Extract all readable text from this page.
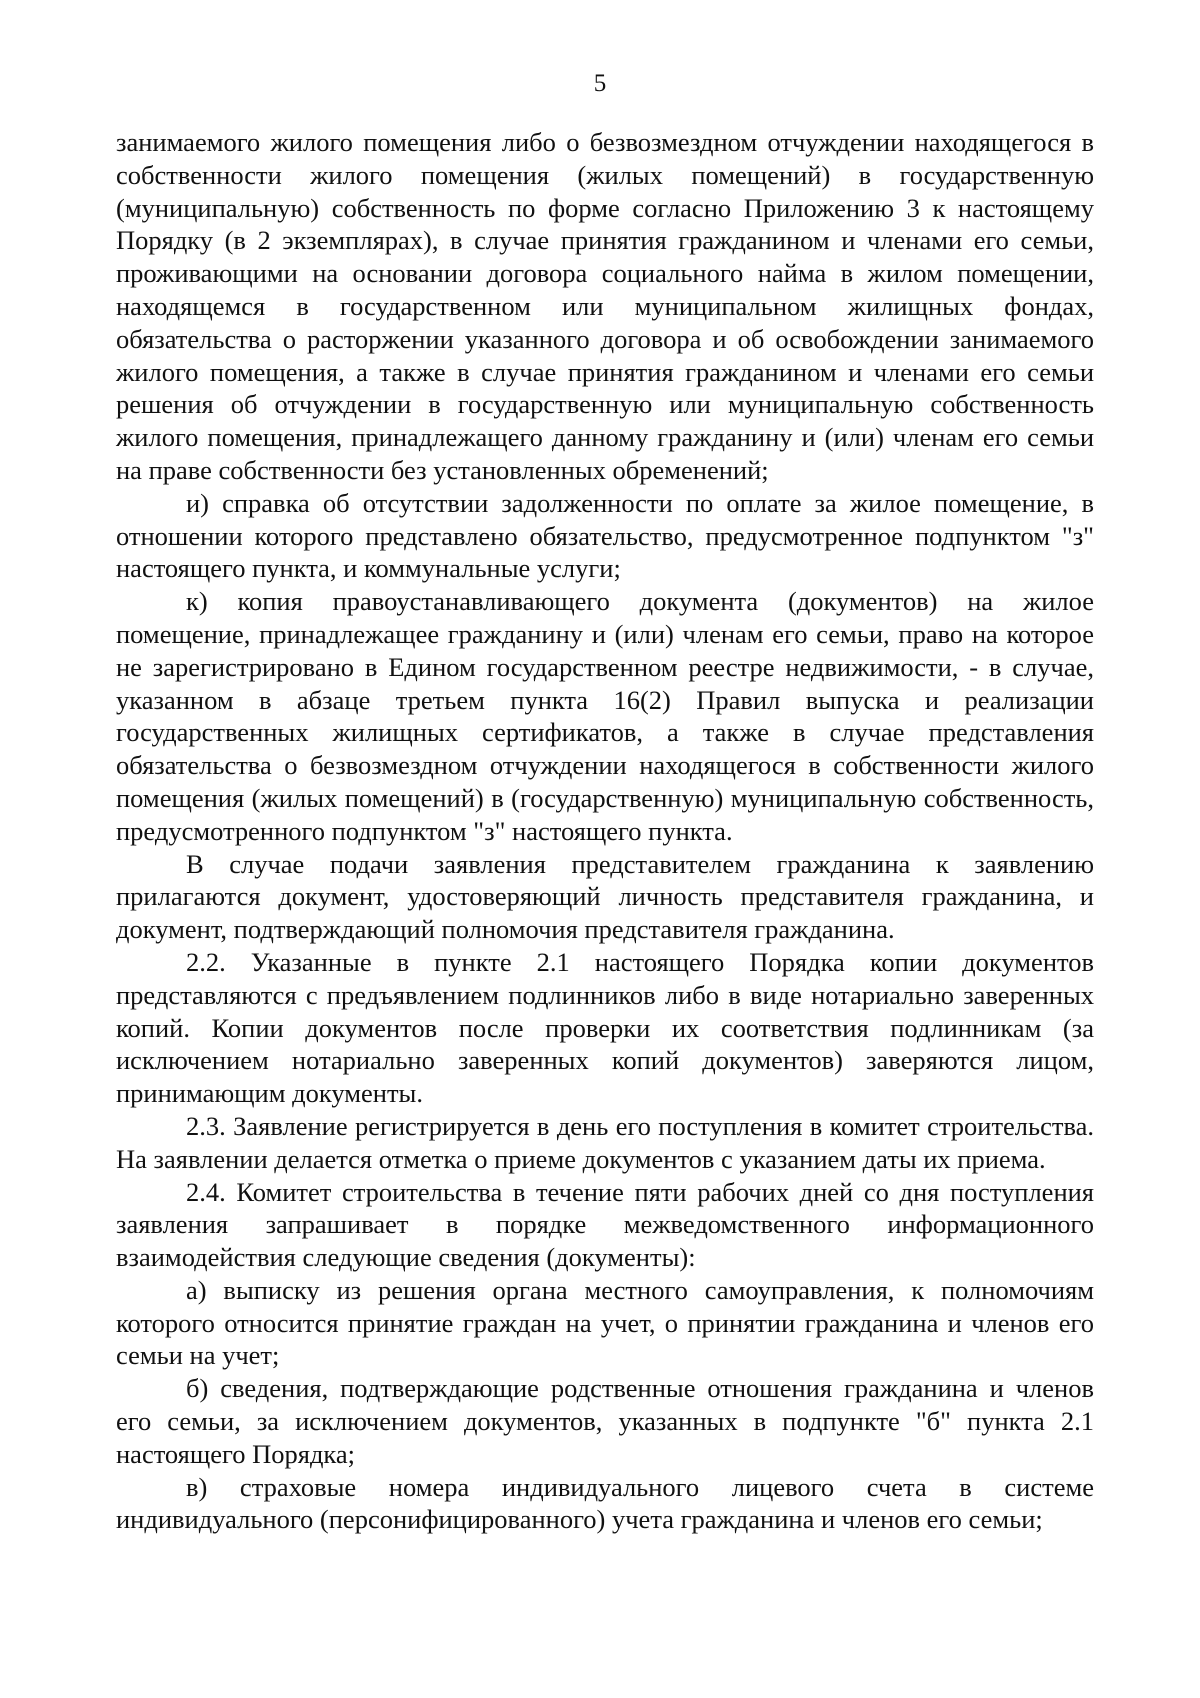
5

занимаемого жилого помещения либо о безвозмездном отчуждении находящегося в собственности жилого помещения (жилых помещений) в государственную (муниципальную) собственность по форме согласно Приложению 3 к настоящему Порядку (в 2 экземплярах), в случае принятия гражданином и членами его семьи, проживающими на основании договора социального найма в жилом помещении, находящемся в государственном или муниципальном жилищных фондах, обязательства о расторжении указанного договора и об освобождении занимаемого жилого помещения, а также в случае принятия гражданином и членами его семьи решения об отчуждении в государственную или муниципальную собственность жилого помещения, принадлежащего данному гражданину и (или) членам его семьи на праве собственности без установленных обременений;

и) справка об отсутствии задолженности по оплате за жилое помещение, в отношении которого представлено обязательство, предусмотренное подпунктом "з" настоящего пункта, и коммунальные услуги;

к) копия правоустанавливающего документа (документов) на жилое помещение, принадлежащее гражданину и (или) членам его семьи, право на которое не зарегистрировано в Едином государственном реестре недвижимости, - в случае, указанном в абзаце третьем пункта 16(2) Правил выпуска и реализации государственных жилищных сертификатов, а также в случае представления обязательства о безвозмездном отчуждении находящегося в собственности жилого помещения (жилых помещений) в (государственную) муниципальную собственность, предусмотренного подпунктом "з" настоящего пункта.

В случае подачи заявления представителем гражданина к заявлению прилагаются документ, удостоверяющий личность представителя гражданина, и документ, подтверждающий полномочия представителя гражданина.

2.2. Указанные в пункте 2.1 настоящего Порядка копии документов представляются с предъявлением подлинников либо в виде нотариально заверенных копий. Копии документов после проверки их соответствия подлинникам (за исключением нотариально заверенных копий документов) заверяются лицом, принимающим документы.

2.3. Заявление регистрируется в день его поступления в комитет строительства. На заявлении делается отметка о приеме документов с указанием даты их приема.

2.4. Комитет строительства в течение пяти рабочих дней со дня поступления заявления запрашивает в порядке межведомственного информационного взаимодействия следующие сведения (документы):

а) выписку из решения органа местного самоуправления, к полномочиям которого относится принятие граждан на учет, о принятии гражданина и членов его семьи на учет;

б) сведения, подтверждающие родственные отношения гражданина и членов его семьи, за исключением документов, указанных в подпункте "б" пункта 2.1 настоящего Порядка;

в) страховые номера индивидуального лицевого счета в системе индивидуального (персонифицированного) учета гражданина и членов его семьи;
